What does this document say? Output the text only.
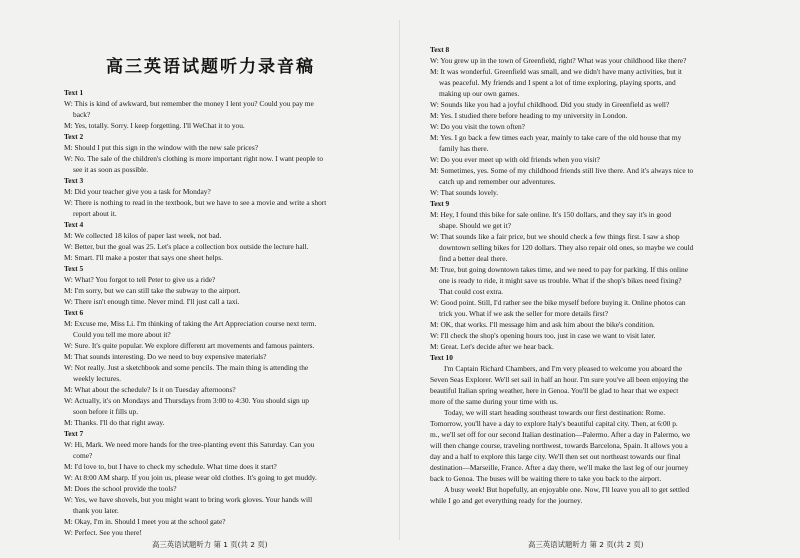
高三英语试题听力录音稿
Text 1
W: This is kind of awkward, but remember the money I lent you? Could you pay me
back?
M: Yes, totally. Sorry. I keep forgetting. I'll WeChat it to you.
Text 2
M: Should I put this sign in the window with the new sale prices?
W: No. The sale of the children's clothing is more important right now. I want people to
see it as soon as possible.
Text 3
M: Did your teacher give you a task for Monday?
W: There is nothing to read in the textbook, but we have to see a movie and write a short
report about it.
Text 4
M: We collected 18 kilos of paper last week, not bad.
W: Better, but the goal was 25. Let's place a collection box outside the lecture hall.
M: Smart. I'll make a poster that says one sheet helps.
Text 5
W: What? You forgot to tell Peter to give us a ride?
M: I'm sorry, but we can still take the subway to the airport.
W: There isn't enough time. Never mind. I'll just call a taxi.
Text 6
M: Excuse me, Miss Li. I'm thinking of taking the Art Appreciation course next term.
Could you tell me more about it?
W: Sure. It's quite popular. We explore different art movements and famous painters.
M: That sounds interesting. Do we need to buy expensive materials?
W: Not really. Just a sketchbook and some pencils. The main thing is attending the
weekly lectures.
M: What about the schedule? Is it on Tuesday afternoons?
W: Actually, it's on Mondays and Thursdays from 3:00 to 4:30. You should sign up
soon before it fills up.
M: Thanks. I'll do that right away.
Text 7
W: Hi, Mark. We need more hands for the tree-planting event this Saturday. Can you
come?
M: I'd love to, but I have to check my schedule. What time does it start?
W: At 8:00 AM sharp. If you join us, please wear old clothes. It's going to get muddy.
M: Does the school provide the tools?
W: Yes, we have shovels, but you might want to bring work gloves. Your hands will
thank you later.
M: Okay, I'm in. Should I meet you at the school gate?
W: Perfect. See you there!
高三英语试题听力 第 1 页(共 2 页)
Text 8
W: You grew up in the town of Greenfield, right? What was your childhood like there?
M: It was wonderful. Greenfield was small, and we didn't have many activities, but it
was peaceful. My friends and I spent a lot of time exploring, playing sports, and
making up our own games.
W: Sounds like you had a joyful childhood. Did you study in Greenfield as well?
M: Yes. I studied there before heading to my university in London.
W: Do you visit the town often?
M: Yes. I go back a few times each year, mainly to take care of the old house that my
family has there.
W: Do you ever meet up with old friends when you visit?
M: Sometimes, yes. Some of my childhood friends still live there. And it's always nice to
catch up and remember our adventures.
W: That sounds lovely.
Text 9
M: Hey, I found this bike for sale online. It's 150 dollars, and they say it's in good
shape. Should we get it?
W: That sounds like a fair price, but we should check a few things first. I saw a shop
downtown selling bikes for 120 dollars. They also repair old ones, so maybe we could
find a better deal there.
M: True, but going downtown takes time, and we need to pay for parking. If this online
one is ready to ride, it might save us trouble. What if the shop's bikes need fixing?
That could cost extra.
W: Good point. Still, I'd rather see the bike myself before buying it. Online photos can
trick you. What if we ask the seller for more details first?
M: OK, that works. I'll message him and ask him about the bike's condition.
W: I'll check the shop's opening hours too, just in case we want to visit later.
M: Great. Let's decide after we hear back.
Text 10
I'm Captain Richard Chambers, and I'm very pleased to welcome you aboard the
Seven Seas Explorer. We'll set sail in half an hour. I'm sure you've all been enjoying the
beautiful Italian spring weather, here in Genoa. You'll be glad to hear that we expect
more of the same during your time with us.
Today, we will start heading southeast towards our first destination: Rome.
Tomorrow, you'll have a day to explore Italy's beautiful capital city. Then, at 6:00 p.
m., we'll set off for our second Italian destination—Palermo. After a day in Palermo, we
will then change course, traveling northwest, towards Barcelona, Spain. It allows you a
day and a half to explore this large city. We'll then set out northeast towards our final
destination—Marseille, France. After a day there, we'll make the last leg of our journey
back to Genoa. The buses will be waiting there to take you back to the airport.
A busy week! But hopefully, an enjoyable one. Now, I'll leave you all to get settled
while I go and get everything ready for the journey.
高三英语试题听力 第 2 页(共 2 页)
